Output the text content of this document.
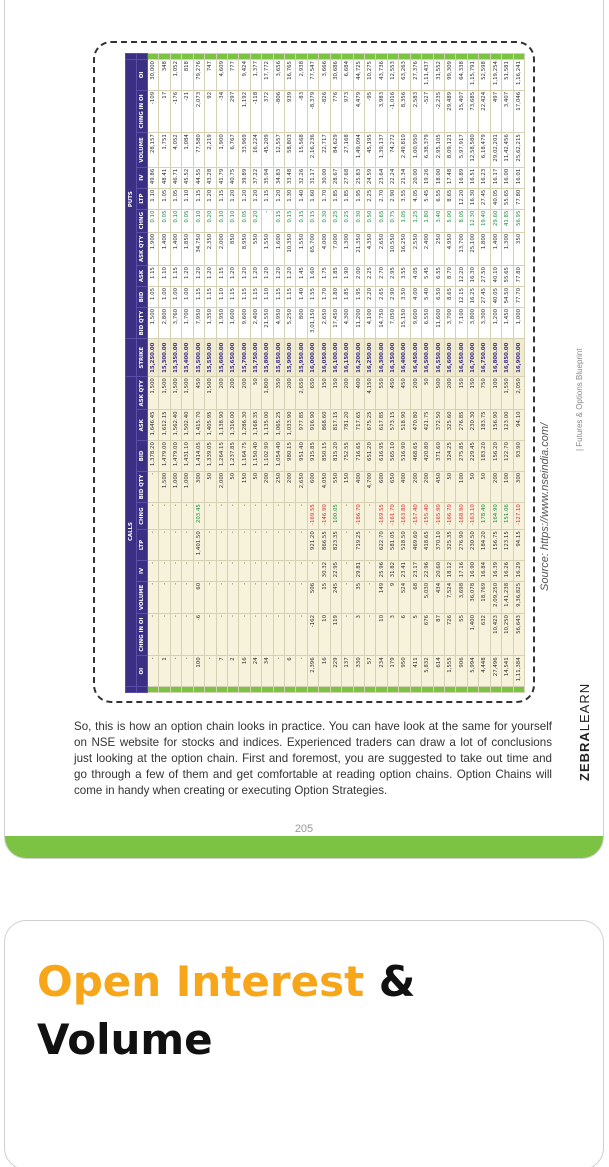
	CALLS											PUTS										
	OI	CHNG IN OI	VOLUME	IV	LTP	CHNG	BID QTY	BID	ASK	ASK QTY	STRIKE	BID QTY	BID	ASK	ASK QTY	CHNG	LTP	IV	VOLUME	CHNG IN OI	OI	
	-	-	-	-	-	-	-	1,378.20	1,646.45	1,500	15,250.00	1,500	1.05	1.15	1,900	0.10	1.10	49.86	28,157	-109	30,000	
	1	-	-	-	-	-	1,500	1,479.00	1,612.15	1,500	15,300.00	2,800	1.00	1.10	1,400	0.05	1.05	48.41	1,751	17	348	
	-	-	-	-	-	-	1,000	1,479.00	1,562.40	1,500	15,350.00	3,760	1.00	1.15	1,400	0.10	1.05	46.71	4,052	-176	1,052	
	-	-	-	-	-	-	1,000	1,431.10	1,502.40	1,500	15,400.00	1,700	1.00	1.20	1,850	0.05	1.10	45.52	1,084	-21	818	
	100	-6	60	-	1,401.50	203.45	300	1,414.05	1,415.70	450	15,500.00	7,950	1.15	1.20	34,750	0.10	1.15	44.55	77,580	2,073	79,276	
	-	-	-	-	-	-	50	1,339.05	1,405.95	1,500	15,550.00	1,350	1.15	1.20	2,350	0.20	1.20	43.28	2,219	92	747	
	7	-	-	-	-	-	2,000	1,264.15	1,138.90	200	15,600.00	1,950	1.10	1.15	2,000	0.10	1.15	41.79	1,900	-34	4,609	
	2	-	-	-	-	-	50	1,237.85	1,316.00	200	15,650.00	1,600	1.15	1.20	850	0.10	1.20	40.75	6,767	297	777	
	16	-	-	-	-	-	150	1,164.75	1,286.30	200	15,700.00	9,600	1.15	1.20	8,950	0.05	1.20	39.89	33,969	1,192	9,424	
	24	-	-	-	-	-	50	1,150.40	1,168.35	50	15,750.00	2,400	1.15	1.20	550	0.20	1.20	37.22	16,224	-118	1,377	
	34	-	-	-	-	-	200	1,102.90	1,135.00	1,800	15,800.00	21,550	1.10	1.20	1,550	-	1.15	35.94	45,209	372	17,772	
	-	-	-	-	-	-	250	1,054.40	1,065.25	350	15,850.00	4,950	1.15	1.20	1,600	0.15	1.20	34.83	12,557	-806	3,656	
	6	-	-	-	-	-	200	980.15	1,033.90	200	15,900.00	5,250	1.15	1.20	10,350	0.15	1.30	33.48	58,803	939	16,765	
	-	-	-	-	-	-	2,650	951.40	977.85	2,650	15,950.00	800	1.40	1.45	1,550	0.15	1.40	32.26	15,568	-83	2,938	
	2,396	-162	506	-	921.20	-169.55	600	915.85	916.90	650	16,000.00	3,01,150	1.55	1.60	65,700	0.15	1.60	31.17	2,16,236	-8,379	77,547	
	16	10	15	30.32	866.55	-146.90	4,050	850.15	868.60	150	16,050.00	2,650	1.70	1.75	4,000	0.30	1.70	30.00	22,717	-826	3,666	
	229	119	245	22.95	823.35	100.05	550	815.20	817.15	150	16,100.00	17,450	1.80	1.85	7,000	0.25	1.85	28.67	84,629	776	30,686	
	137	-	-	-	-	-	150	752.55	781.20	200	16,150.00	4,300	1.85	1.90	1,300	0.25	1.85	27.68	27,168	973	6,684	
	330	3	35	29.81	719.25	-186.70	400	716.65	717.65	400	16,200.00	11,200	1.95	2.00	21,350	0.30	1.95	25.83	1,49,094	4,479	44,725	
	57	-	-	-	-	-	4,700	651.20	675.25	4,150	16,250.00	4,100	2.20	2.25	4,350	0.50	2.25	24.59	45,195	-95	10,275	
	234	10	149	25.96	622.70	-169.55	600	616.95	617.85	550	16,300.00	14,750	2.65	2.70	2,650	0.65	2.70	23.64	1,39,137	3,983	43,736	
	179	3	9	31.82	581.05	-161.70	650	565.10	573.15	450	16,350.00	7,050	2.90	2.95	10,550	0.75	2.90	22.24	74,272	-1,016	12,553	
	950	6	524	23.41	518.50	-163.80	400	516.90	518.90	450	16,400.00	15,150	3.50	3.55	16,250	1.05	3.55	21.34	2,49,810	8,356	63,263	
	411	5	68	23.17	469.60	-157.40	200	468.65	470.80	200	16,450.00	9,600	4.00	4.05	2,550	1.25	4.05	20.00	1,00,950	2,583	27,376	
	5,832	676	5,030	22.96	418.65	-155.40	200	420.80	421.75	50	16,500.00	6,550	5.40	5.45	2,400	1.80	5.45	19.26	6,38,379	-527	1,11,437	
	614	87	434	20.60	370.10	-165.90	450	371.60	372.50	500	16,550.00	11,600	6.50	6.55	250	3.40	6.55	18.00	2,95,105	-2,235	31,552	
	1,555	726	7,524	18.12	325.35	-166.70	50	324.25	325.60	200	16,600.00	3,700	8.65	8.70	4,950	5.00	8.65	17.48	8,09,121	29,489	99,309	
	906	55	3,698	17.16	276.90	-168.90	100	275.85	276.85	150	16,650.00	7,100	12.15	12.20	13,700	8.05	12.20	16.89	5,97,917	15,407	64,338	
	5,994	1,400	36,078	16.90	230.50	-163.10	50	229.45	230.30	150	16,700.00	3,800	16.25	16.30	25,100	12.30	16.30	16.51	12,58,580	73,685	1,15,791	
	4,448	632	18,769	16.84	184.20	178.40	50	183.20	183.75	750	16,750.00	3,300	27.45	27.50	1,800	19.40	27.45	16.23	6,18,479	22,424	52,598	
	27,496	10,423	2,09,250	16.39	156.75	164.90	200	156.20	156.90	100	16,800.00	1,200	40.05	40.10	1,400	29.60	40.05	16.17	29,02,201	497	1,19,254	
	14,541	10,250	1,41,238	16.26	123.15	151.06	100	122.70	123.00	1,550	16,850.00	1,450	54.50	55.65	1,300	41.85	55.65	16.00	11,42,456	3,407	51,581	
	1,11,384	56,643	9,36,825	16.29	94.15	-127.10	300	93.90	94.10	2,050	16,900.00	1,000	77.70	77.80	350	56.95	77.80	16.01	25,62,215	17,046	1,16,241	
Source: https://www.nseindia.com/
| Futures & Options Blueprint
ZEBRALEARN

So, this is how an option chain looks in practice. You can have look at the same for yourself on NSE website for stocks and indices. Experienced traders can draw a lot of conclusions just looking at the option chain. First and foremost, you are suggested to take out time and go through a few of them and get comfortable at reading option chains. Option Chains will come in handy when creating or executing Option Strategies.

205
Open Interest &
Volume
